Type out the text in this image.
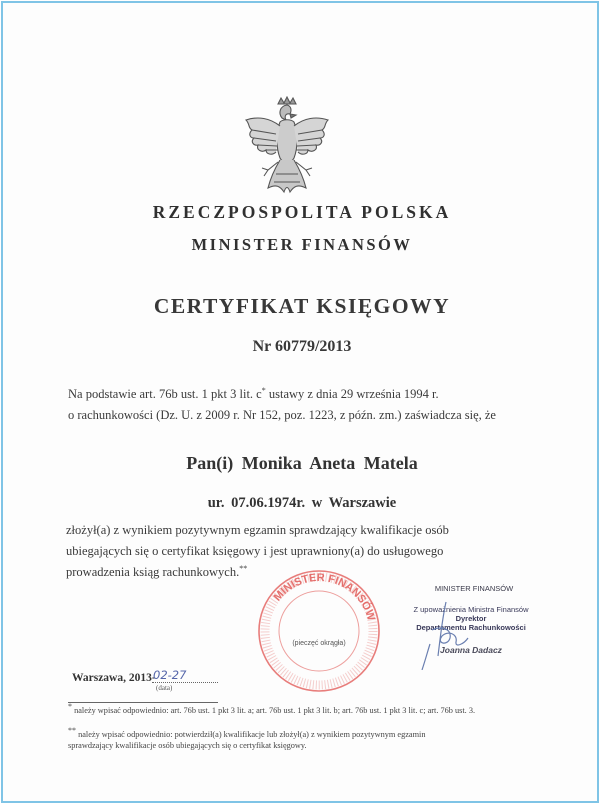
RZECZPOSPOLITA POLSKA
MINISTER FINANSÓW
CERTYFIKAT KSIĘGOWY
Nr 60779/2013
Na podstawie art. 76b ust. 1 pkt 3 lit. c* ustawy z dnia 29 września 1994 r.
o rachunkowości (Dz. U. z 2009 r. Nr 152, poz. 1223, z późn. zm.) zaświadcza się, że
Pan(i) Monika Aneta Matela
ur. 07.06.1974r. w Warszawie
złożył(a) z wynikiem pozytywnym egzamin sprawdzający kwalifikacje osób
ubiegających się o certyfikat księgowy i jest uprawniony(a) do usługowego
prowadzenia ksiąg rachunkowych.**
MINISTER FINANSÓW
(pieczęć okrągła)
MINISTER FINANSÓW
Z upoważnienia Ministra Finansów
Dyrektor
Departamentu Rachunkowości
Joanna Dadacz
Warszawa, 2013-
02-27
(data)
* należy wpisać odpowiednio: art. 76b ust. 1 pkt 3 lit. a; art. 76b ust. 1 pkt 3 lit. b; art. 76b ust. 1 pkt 3 lit. c; art. 76b ust. 3.
** należy wpisać odpowiednio: potwierdził(a) kwalifikacje lub złożył(a) z wynikiem pozytywnym egzamin
sprawdzający kwalifikacje osób ubiegających się o certyfikat księgowy.
